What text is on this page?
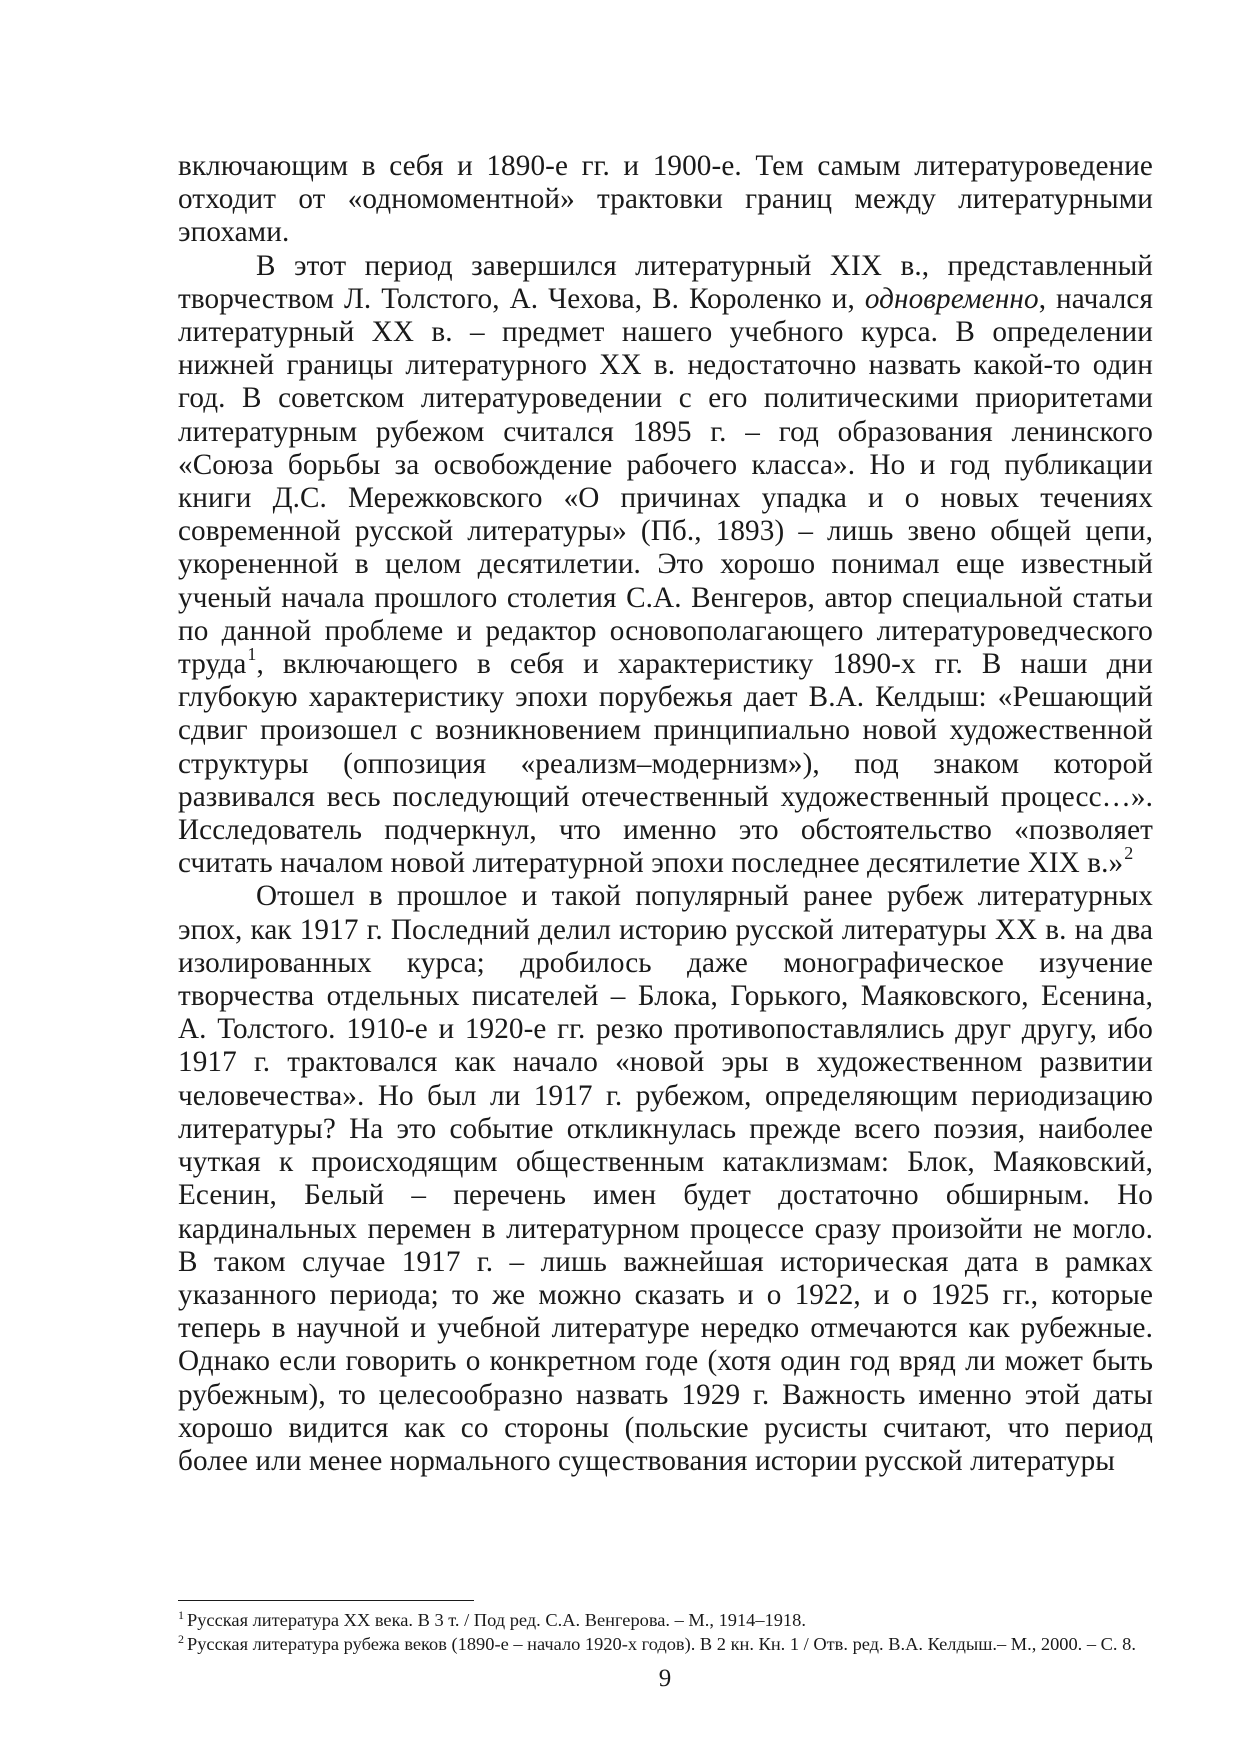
включающим в себя и 1890-е гг. и 1900-е. Тем самым литературоведение отходит от «одномоментной» трактовки границ между литературными эпохами.

В этот период завершился литературный XIX в., представленный творчеством Л. Толстого, А. Чехова, В. Короленко и, одновременно, начался литературный XX в. – предмет нашего учебного курса. В определении нижней границы литературного XX в. недостаточно назвать какой-то один год. В советском литературоведении с его политическими приоритетами литературным рубежом считался 1895 г. – год образования ленинского «Союза борьбы за освобождение рабочего класса». Но и год публикации книги Д.С. Мережковского «О причинах упадка и о новых течениях современной русской литературы» (Пб., 1893) – лишь звено общей цепи, укорененной в целом десятилетии. Это хорошо понимал еще известный ученый начала прошлого столетия С.А. Венгеров, автор специальной статьи по данной проблеме и редактор основополагающего литературоведческого труда$^1$, включающего в себя и характеристику 1890-х гг. В наши дни глубокую характеристику эпохи порубежья дает В.А. Келдыш: «Решающий сдвиг произошел с возникновением принципиально новой художественной структуры (оппозиция «реализм–модернизм»), под знаком которой развивался весь последующий отечественный художественный процесс…». Исследователь подчеркнул, что именно это обстоятельство «позволяет считать началом новой литературной эпохи последнее десятилетие XIX в.»$^2$

Отошел в прошлое и такой популярный ранее рубеж литературных эпох, как 1917 г. Последний делил историю русской литературы XX в. на два изолированных курса; дробилось даже монографическое изучение творчества отдельных писателей – Блока, Горького, Маяковского, Есенина, А. Толстого. 1910-е и 1920-е гг. резко противопоставлялись друг другу, ибо 1917 г. трактовался как начало «новой эры в художественном развитии человечества». Но был ли 1917 г. рубежом, определяющим периодизацию литературы? На это событие откликнулась прежде всего поэзия, наиболее чуткая к происходящим общественным катаклизмам: Блок, Маяковский, Есенин, Белый – перечень имен будет достаточно обширным. Но кардинальных перемен в литературном процессе сразу произойти не могло. В таком случае 1917 г. – лишь важнейшая историческая дата в рамках указанного периода; то же можно сказать и о 1922, и о 1925 гг., которые теперь в научной и учебной литературе нередко отмечаются как рубежные. Однако если говорить о конкретном годе (хотя один год вряд ли может быть рубежным), то целесообразно назвать 1929 г. Важность именно этой даты хорошо видится как со стороны (польские русисты считают, что период более или менее нормального существования истории русской литературы

$^1$ Русская литература XX века. В 3 т. / Под ред. С.А. Венгерова. – М., 1914–1918.

$^2$ Русская литература рубежа веков (1890-е – начало 1920-х годов). В 2 кн. Кн. 1 / Отв. ред. В.А. Келдыш.– М., 2000. – С. 8.

9
